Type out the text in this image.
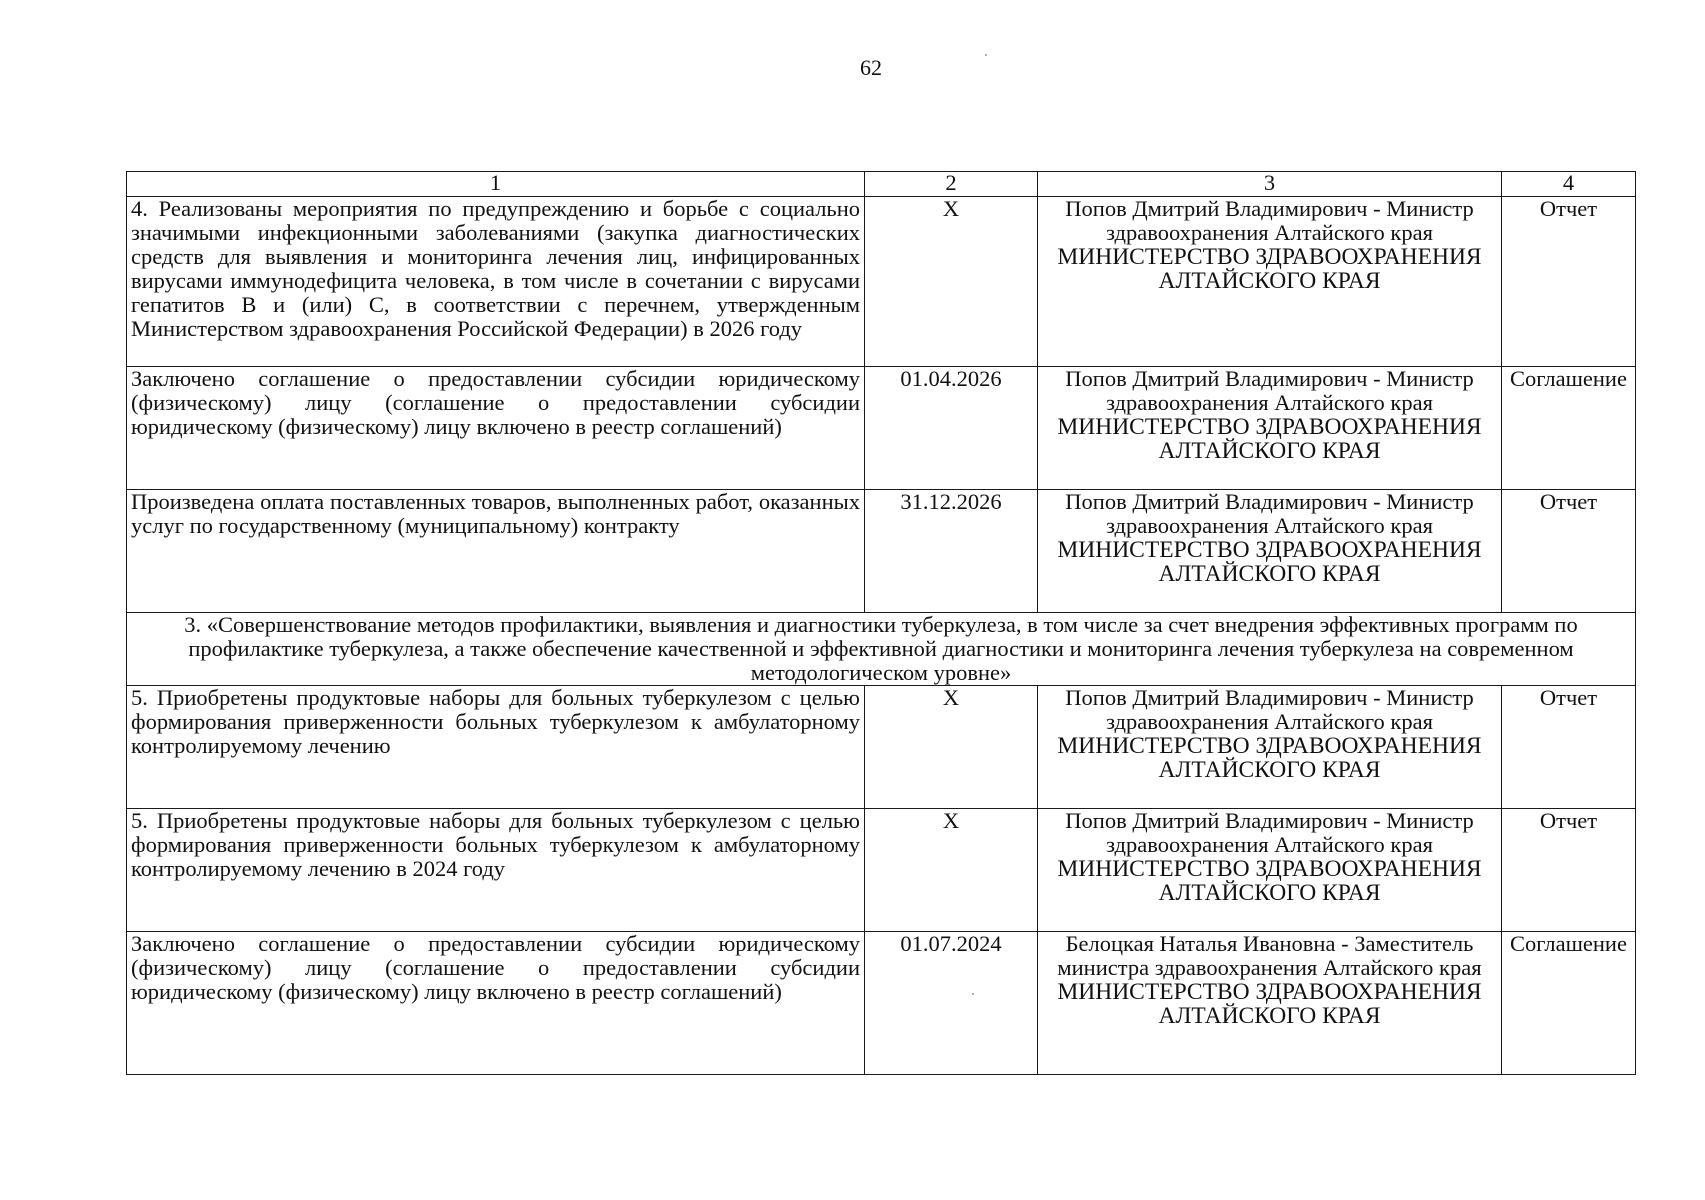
62
1	2	3	4
4. Реализованы мероприятия по предупреждению и борьбе с социально значимыми инфекционными заболеваниями (закупка диагностических средств для выявления и мониторинга лечения лиц, инфицированных вирусами иммунодефицита человека, в том числе в сочетании с вирусами гепатитов В и (или) С, в соответствии с перечнем, утвержденным Министерством здравоохранения Российской Федерации) в 2026 году	X	Попов Дмитрий Владимирович - Министр здравоохранения Алтайского края
МИНИСТЕРСТВО ЗДРАВООХРАНЕНИЯ АЛТАЙСКОГО КРАЯ	Отчет
Заключено соглашение о предоставлении субсидии юридическому (физическому) лицу (соглашение о предоставлении субсидии юридическому (физическому) лицу включено в реестр соглашений)	01.04.2026	Попов Дмитрий Владимирович - Министр здравоохранения Алтайского края
МИНИСТЕРСТВО ЗДРАВООХРАНЕНИЯ АЛТАЙСКОГО КРАЯ	Соглашение
Произведена оплата поставленных товаров, выполненных работ, оказанных услуг по государственному (муниципальному) контракту	31.12.2026	Попов Дмитрий Владимирович - Министр здравоохранения Алтайского края
МИНИСТЕРСТВО ЗДРАВООХРАНЕНИЯ АЛТАЙСКОГО КРАЯ	Отчет
3. «Совершенствование методов профилактики, выявления и диагностики туберкулеза, в том числе за счет внедрения эффективных программ по профилактике туберкулеза, а также обеспечение качественной и эффективной диагностики и мониторинга лечения туберкулеза на современном методологическом уровне»			
5. Приобретены продуктовые наборы для больных туберкулезом с целью формирования приверженности больных туберкулезом к амбулаторному контролируемому лечению	X	Попов Дмитрий Владимирович - Министр здравоохранения Алтайского края
МИНИСТЕРСТВО ЗДРАВООХРАНЕНИЯ АЛТАЙСКОГО КРАЯ	Отчет
5. Приобретены продуктовые наборы для больных туберкулезом с целью формирования приверженности больных туберкулезом к амбулаторному контролируемому лечению в 2024 году	X	Попов Дмитрий Владимирович - Министр здравоохранения Алтайского края
МИНИСТЕРСТВО ЗДРАВООХРАНЕНИЯ АЛТАЙСКОГО КРАЯ	Отчет
Заключено соглашение о предоставлении субсидии юридическому (физическому) лицу (соглашение о предоставлении субсидии юридическому (физическому) лицу включено в реестр соглашений)	01.07.2024	Белоцкая Наталья Ивановна - Заместитель министра здравоохранения Алтайского края
МИНИСТЕРСТВО ЗДРАВООХРАНЕНИЯ АЛТАЙСКОГО КРАЯ	Соглашение
